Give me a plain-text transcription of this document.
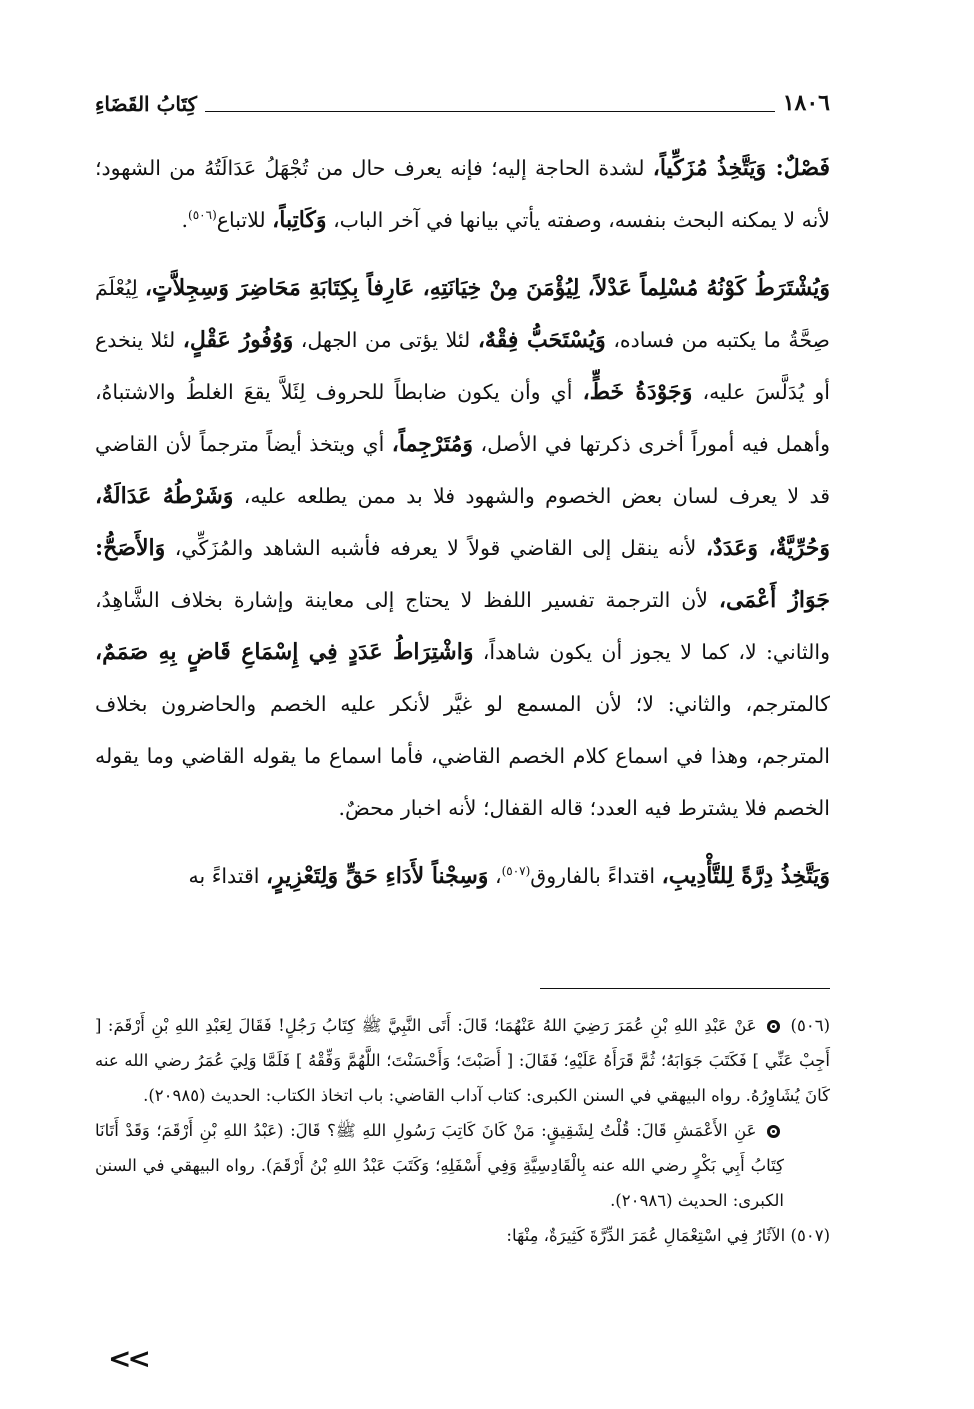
كِتَابُ القَضَاءِ	١٨٠٦

فَصْلٌ: وَيَتَّخِذُ مُزَكِّياً، لشدة الحاجة إليه؛ فإنه يعرف حال من تُجْهَلُ عَدَالَتُهُ من الشهود؛ لأنه لا يمكنه البحث بنفسه، وصفته يأتي بيانها في آخر الباب، وَكَاتِباً، للاتباع$^{(٥٠٦)}$.

وَيُشْتَرَطُ كَوْنُهُ مُسْلِماً عَدْلاً، لِيُؤْمَنَ مِنْ خِيَانَتِهِ، عَارِفاً بِكِتَابَةِ مَحَاضِرَ وَسِجِلاَّتٍ، لِيُعْلَمَ صِحَّةُ ما يكتبه من فساده، وَيُسْتَحَبُّ فِقْهٌ، لئلا يؤتى من الجهل، وَوُفُورُ عَقْلٍ، لئلا ينخدع أو يُدَلَّسَ عليه، وَجَوْدَةُ خَطٍّ، أي وأن يكون ضابطاً للحروف لِئَلاَّ يقعَ الغلطُ والاشتباهُ، وأهمل فيه أموراً أخرى ذكرتها في الأصل، وَمُتَرْجِماً، أي ويتخذ أيضاً مترجماً لأن القاضي قد لا يعرف لسان بعض الخصوم والشهود فلا بد ممن يطلعه عليه، وَشَرْطُهُ عَدَالَةٌ، وَحُرِّيَّةٌ، وَعَدَدٌ، لأنه ينقل إلى القاضي قولاً لا يعرفه فأشبه الشاهد والمُزَكِّي، وَالأَصَحُّ: جَوَازُ أَعْمَى، لأن الترجمة تفسير اللفظ لا يحتاج إلى معاينة وإشارة بخلاف الشَّاهِدُ، والثاني: لا، كما لا يجوز أن يكون شاهداً، وَاشْتِرَاطُ عَدَدٍ فِي إِسْمَاعِ قَاضٍ بِهِ صَمَمٌ، كالمترجم، والثاني: لا؛ لأن المسمع لو غيَّر لأنكر عليه الخصم والحاضرون بخلاف المترجم، وهذا في اسماع كلام الخصم القاضي، فأما اسماع ما يقوله القاضي وما يقوله الخصم فلا يشترط فيه العدد؛ قاله القفال؛ لأنه اخبار محضٌ.

وَيَتَّخِذُ دِرَّةً لِلتَّأْدِيبِ، اقتداءً بالفاروق$^{(٥٠٧)}$، وَسِجْناً لأَدَاءِ حَقٍّ وَلِتَعْزِيرٍ، اقتداءً به

(٥٠٦)  عَنْ عَبْدِ اللهِ بْنِ عُمَرَ رَضِيَ اللهُ عَنْهُمَا؛ قَالَ: أَتَى النَّبِيَّ ﷺ كِتَابُ رَجُلٍ! فَقَالَ لِعَبْدِ اللهِ بْنِ أَرْقَمَ: [ أَجِبْ عَنِّي ] فَكَتَبَ جَوَابَهُ؛ ثُمَّ قَرَأَهُ عَلَيْهِ؛ فَقَالَ: [ أَصَبْتَ؛ وَأَحْسَنْتَ؛ اللَّهُمَّ وَفِّقْهُ ] فَلَمَّا وَلِيَ عُمَرُ رضي الله عنه كَانَ يُشَاوِرُهُ. رواه البيهقي في السنن الكبرى: كتاب آداب القاضي: باب اتخاذ الكتاب: الحديث (٢٠٩٨٥).

عَنِ الأَعْمَشِ قَالَ: قُلْتُ لِشَقِيقٍ: مَنْ كَانَ كَاتِبَ رَسُولِ اللهِ ﷺ؟ قَالَ: (عَبْدُ اللهِ بْنِ أَرْقَمَ؛ وَقَدْ أَتَانَا كِتَابُ أَبِي بَكْرٍ رضي الله عنه بِالْقَادِسِيَّةِ وَفِي أَسْفَلِهِ؛ وَكَتَبَ عَبْدُ اللهِ بْنُ أَرْقَمَ). رواه البيهقي في السنن الكبرى: الحديث (٢٠٩٨٦).

(٥٠٧) الآثَارُ فِي اسْتِعْمَالِ عُمَرَ الدِّرَّةَ كَثِيرَةٌ، مِنْهَا:

<<
